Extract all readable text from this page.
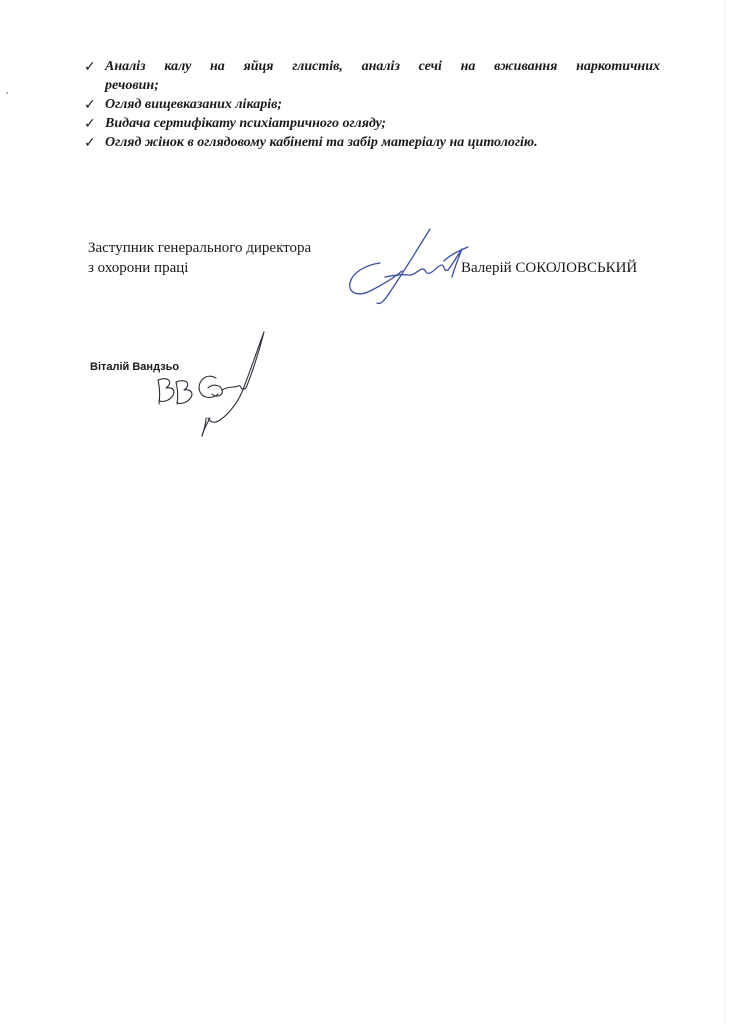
✓ Аналіз калу на яйця глистів, аналіз сечі на вживання наркотичних
речовин;
✓ Огляд вищевказаних лікарів;
✓ Видача сертифікату психіатричного огляду;
✓ Огляд жінок в оглядовому кабінеті та забір матеріалу на цитологію.
Заступник генерального директора
з охорони праці	Валерій СОКОЛОВСЬКИЙ
Віталій Вандзьо
